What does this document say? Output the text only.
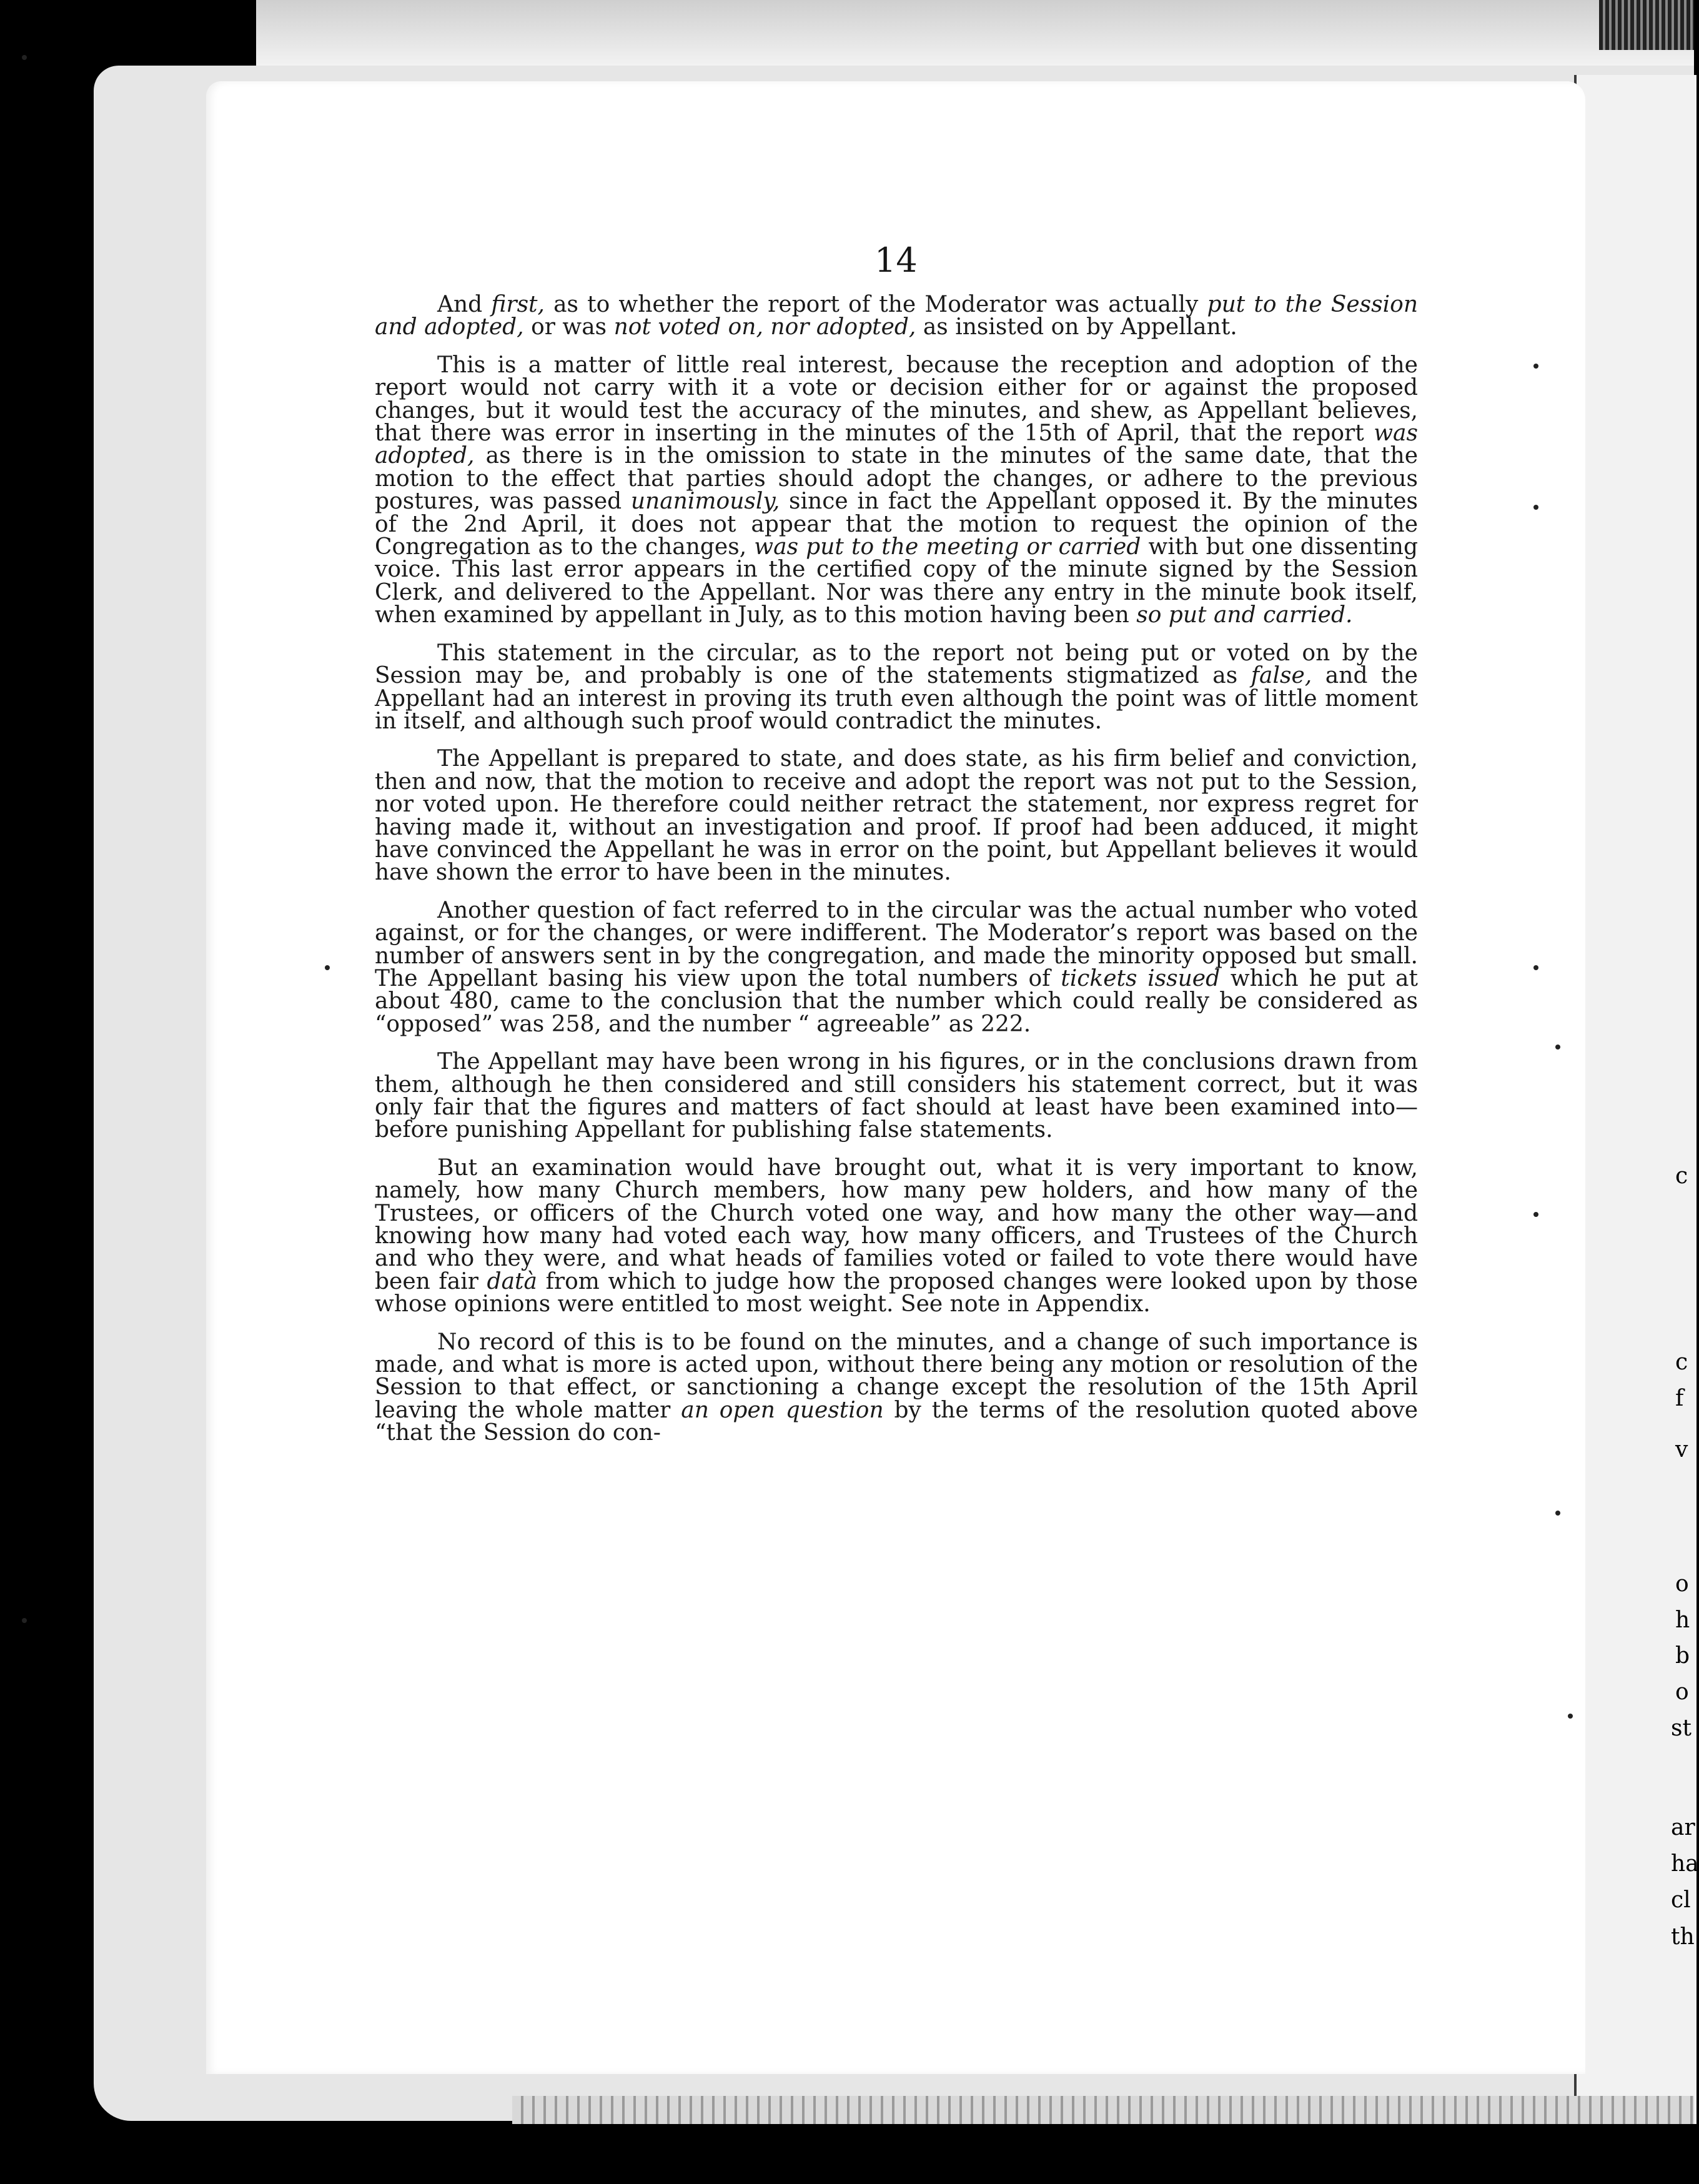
14

And first, as to whether the report of the Moderator was actually put to the Session and adopted, or was not voted on, nor adopted, as insisted on by Appellant.

This is a matter of little real interest, because the reception and adoption of the report would not carry with it a vote or decision either for or against the proposed changes, but it would test the accuracy of the minutes, and shew, as Appellant believes, that there was error in inserting in the minutes of the 15th of April, that the report was adopted, as there is in the omission to state in the minutes of the same date, that the motion to the effect that parties should adopt the changes, or adhere to the previous postures, was passed unanimously, since in fact the Appellant opposed it. By the minutes of the 2nd April, it does not appear that the motion to request the opinion of the Congregation as to the changes, was put to the meeting or carried with but one dissenting voice. This last error appears in the certified copy of the minute signed by the Session Clerk, and delivered to the Appellant. Nor was there any entry in the minute book itself, when examined by appellant in July, as to this motion having been so put and carried.

This statement in the circular, as to the report not being put or voted on by the Session may be, and probably is one of the statements stigmatized as false, and the Appellant had an interest in proving its truth even although the point was of little moment in itself, and although such proof would contradict the minutes.

The Appellant is prepared to state, and does state, as his firm belief and conviction, then and now, that the motion to receive and adopt the report was not put to the Session, nor voted upon. He therefore could neither retract the statement, nor express regret for having made it, without an investigation and proof. If proof had been adduced, it might have convinced the Appellant he was in error on the point, but Appellant believes it would have shown the error to have been in the minutes.

Another question of fact referred to in the circular was the actual number who voted against, or for the changes, or were indifferent. The Moderator’s report was based on the number of answers sent in by the congregation, and made the minority opposed but small. The Appellant basing his view upon the total numbers of tickets issued which he put at about 480, came to the conclusion that the number which could really be considered as “opposed” was 258, and the number “ agreeable” as 222.

The Appellant may have been wrong in his figures, or in the conclusions drawn from them, although he then considered and still considers his statement correct, but it was only fair that the figures and matters of fact should at least have been examined into—before punishing Appellant for publishing false statements.

But an examination would have brought out, what it is very important to know, namely, how many Church members, how many pew holders, and how many of the Trustees, or officers of the Church voted one way, and how many the other way—and knowing how many had voted each way, how many officers, and Trustees of the Church and who they were, and what heads of families voted or failed to vote there would have been fair datà from which to judge how the proposed changes were looked upon by those whose opinions were entitled to most weight. See note in Appendix.

No record of this is to be found on the minutes, and a change of such importance is made, and what is more is acted upon, without there being any motion or resolution of the Session to that effect, or sanctioning a change except the resolution of the 15th April leaving the whole matter an open question by the terms of the resolution quoted above “that the Session do con-

c
c
f
v
o
h
b
o
st
ar
ha
cl
th
